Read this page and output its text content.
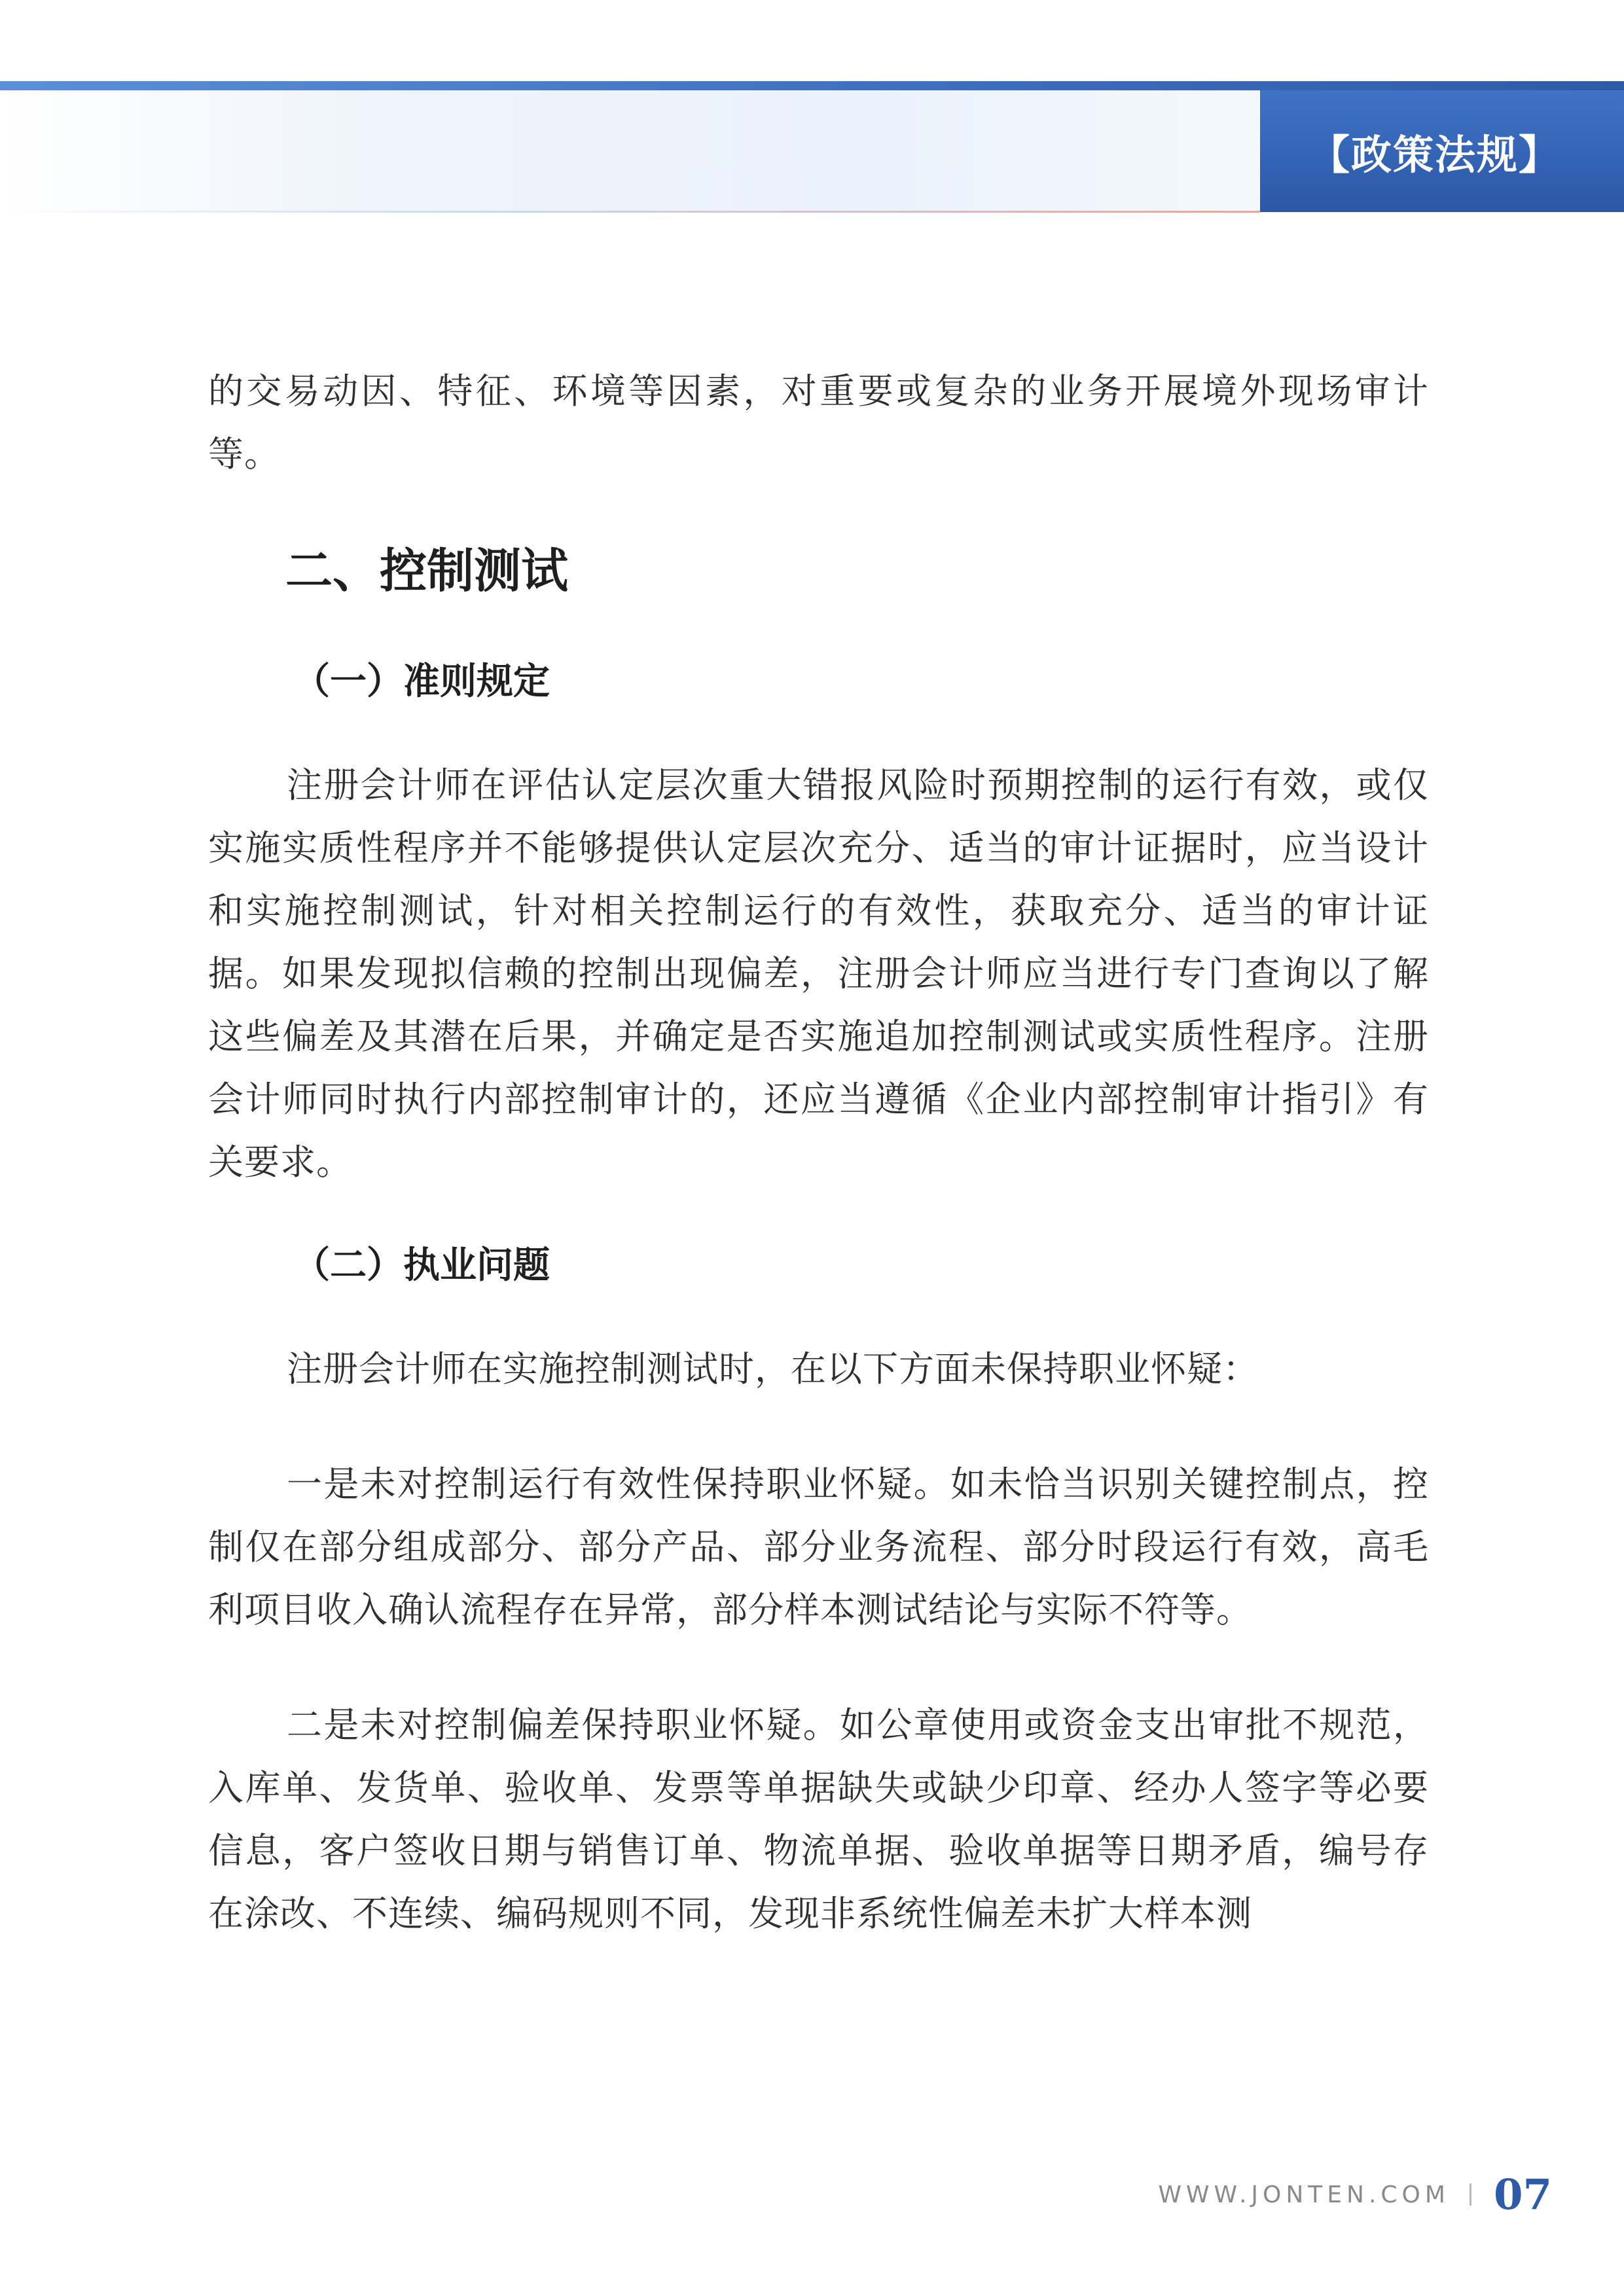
【政策法规】

的交易动因、特征、环境等因素，对重要或复杂的业务开展境外现场审计等。

二、控制测试
（一）准则规定

注册会计师在评估认定层次重大错报风险时预期控制的运行有效，或仅实施实质性程序并不能够提供认定层次充分、适当的审计证据时，应当设计和实施控制测试，针对相关控制运行的有效性，获取充分、适当的审计证据。如果发现拟信赖的控制出现偏差，注册会计师应当进行专门查询以了解这些偏差及其潜在后果，并确定是否实施追加控制测试或实质性程序。注册会计师同时执行内部控制审计的，还应当遵循《企业内部控制审计指引》有关要求。

（二）执业问题

注册会计师在实施控制测试时，在以下方面未保持职业怀疑：

一是未对控制运行有效性保持职业怀疑。如未恰当识别关键控制点，控制仅在部分组成部分、部分产品、部分业务流程、部分时段运行有效，高毛利项目收入确认流程存在异常，部分样本测试结论与实际不符等。

二是未对控制偏差保持职业怀疑。如公章使用或资金支出审批不规范，入库单、发货单、验收单、发票等单据缺失或缺少印章、经办人签字等必要信息，客户签收日期与销售订单、物流单据、验收单据等日期矛盾，编号存在涂改、不连续、编码规则不同，发现非系统性偏差未扩大样本测

WWW.JONTEN.COM 07
